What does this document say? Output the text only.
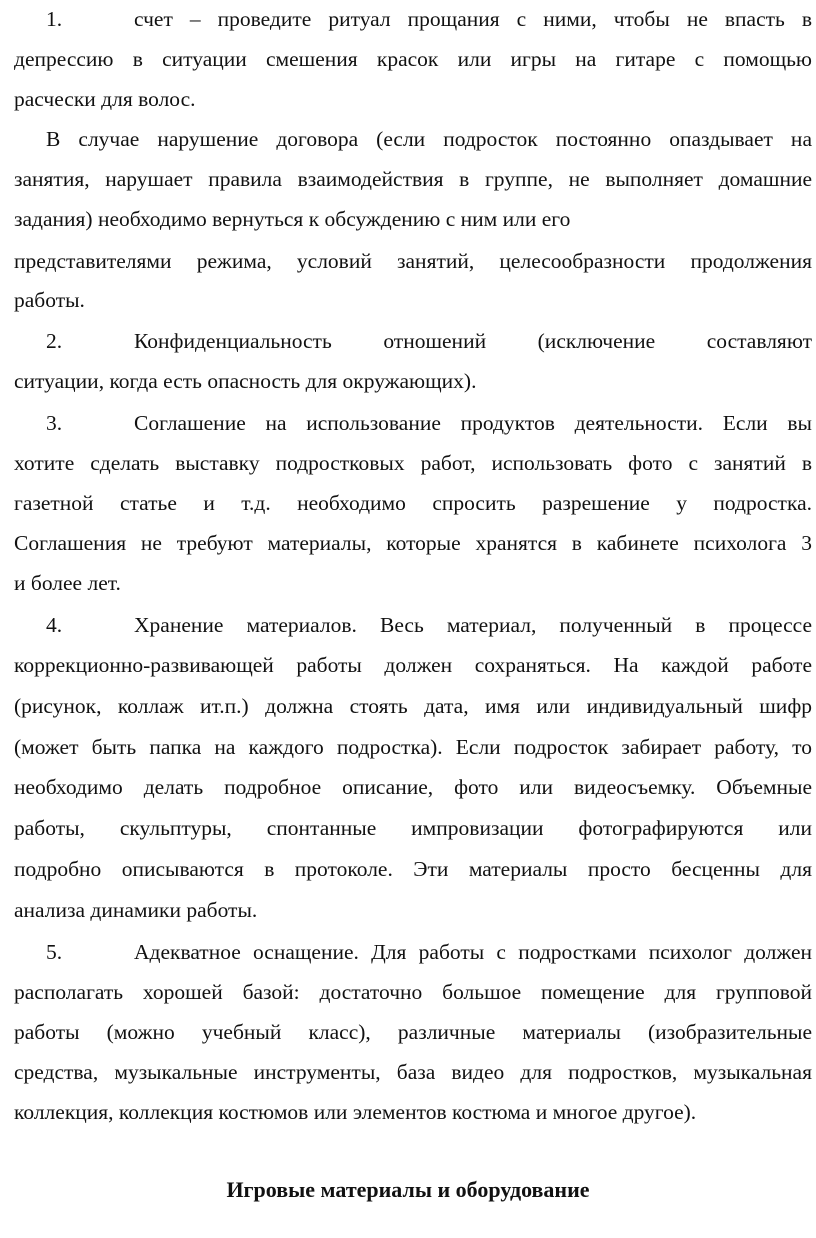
1.	счет – проведите ритуал прощания с ними, чтобы не впасть в
депрессию в ситуации смешения красок или игры на гитаре с помощью
расчески для волос.
В случае нарушение договора (если подросток постоянно опаздывает на
занятия, нарушает правила взаимодействия в группе, не выполняет домашние
задания) необходимо вернуться к обсуждению с ним или его
представителями режима, условий занятий, целесообразности продолжения
работы.
2.	Конфиденциальность отношений (исключение составляют
ситуации, когда есть опасность для окружающих).
3.	Соглашение на использование продуктов деятельности. Если вы
хотите сделать выставку подростковых работ, использовать фото с занятий в
газетной статье и т.д. необходимо спросить разрешение у подростка.
Соглашения не требуют материалы, которые хранятся в кабинете психолога 3
и более лет.
4.	Хранение материалов. Весь материал, полученный в процессе
коррекционно-развивающей работы должен сохраняться. На каждой работе
(рисунок, коллаж ит.п.) должна стоять дата, имя или индивидуальный шифр
(может быть папка на каждого подростка). Если подросток забирает работу, то
необходимо делать подробное описание, фото или видеосъемку. Объемные
работы, скульптуры, спонтанные импровизации фотографируются или
подробно описываются в протоколе. Эти материалы просто бесценны для
анализа динамики работы.
5.	Адекватное оснащение. Для работы с подростками психолог должен
располагать хорошей базой: достаточно большое помещение для групповой
работы (можно учебный класс), различные материалы (изобразительные
средства, музыкальные инструменты, база видео для подростков, музыкальная
коллекция, коллекция костюмов или элементов костюма и многое другое).
Игровые материалы и оборудование
